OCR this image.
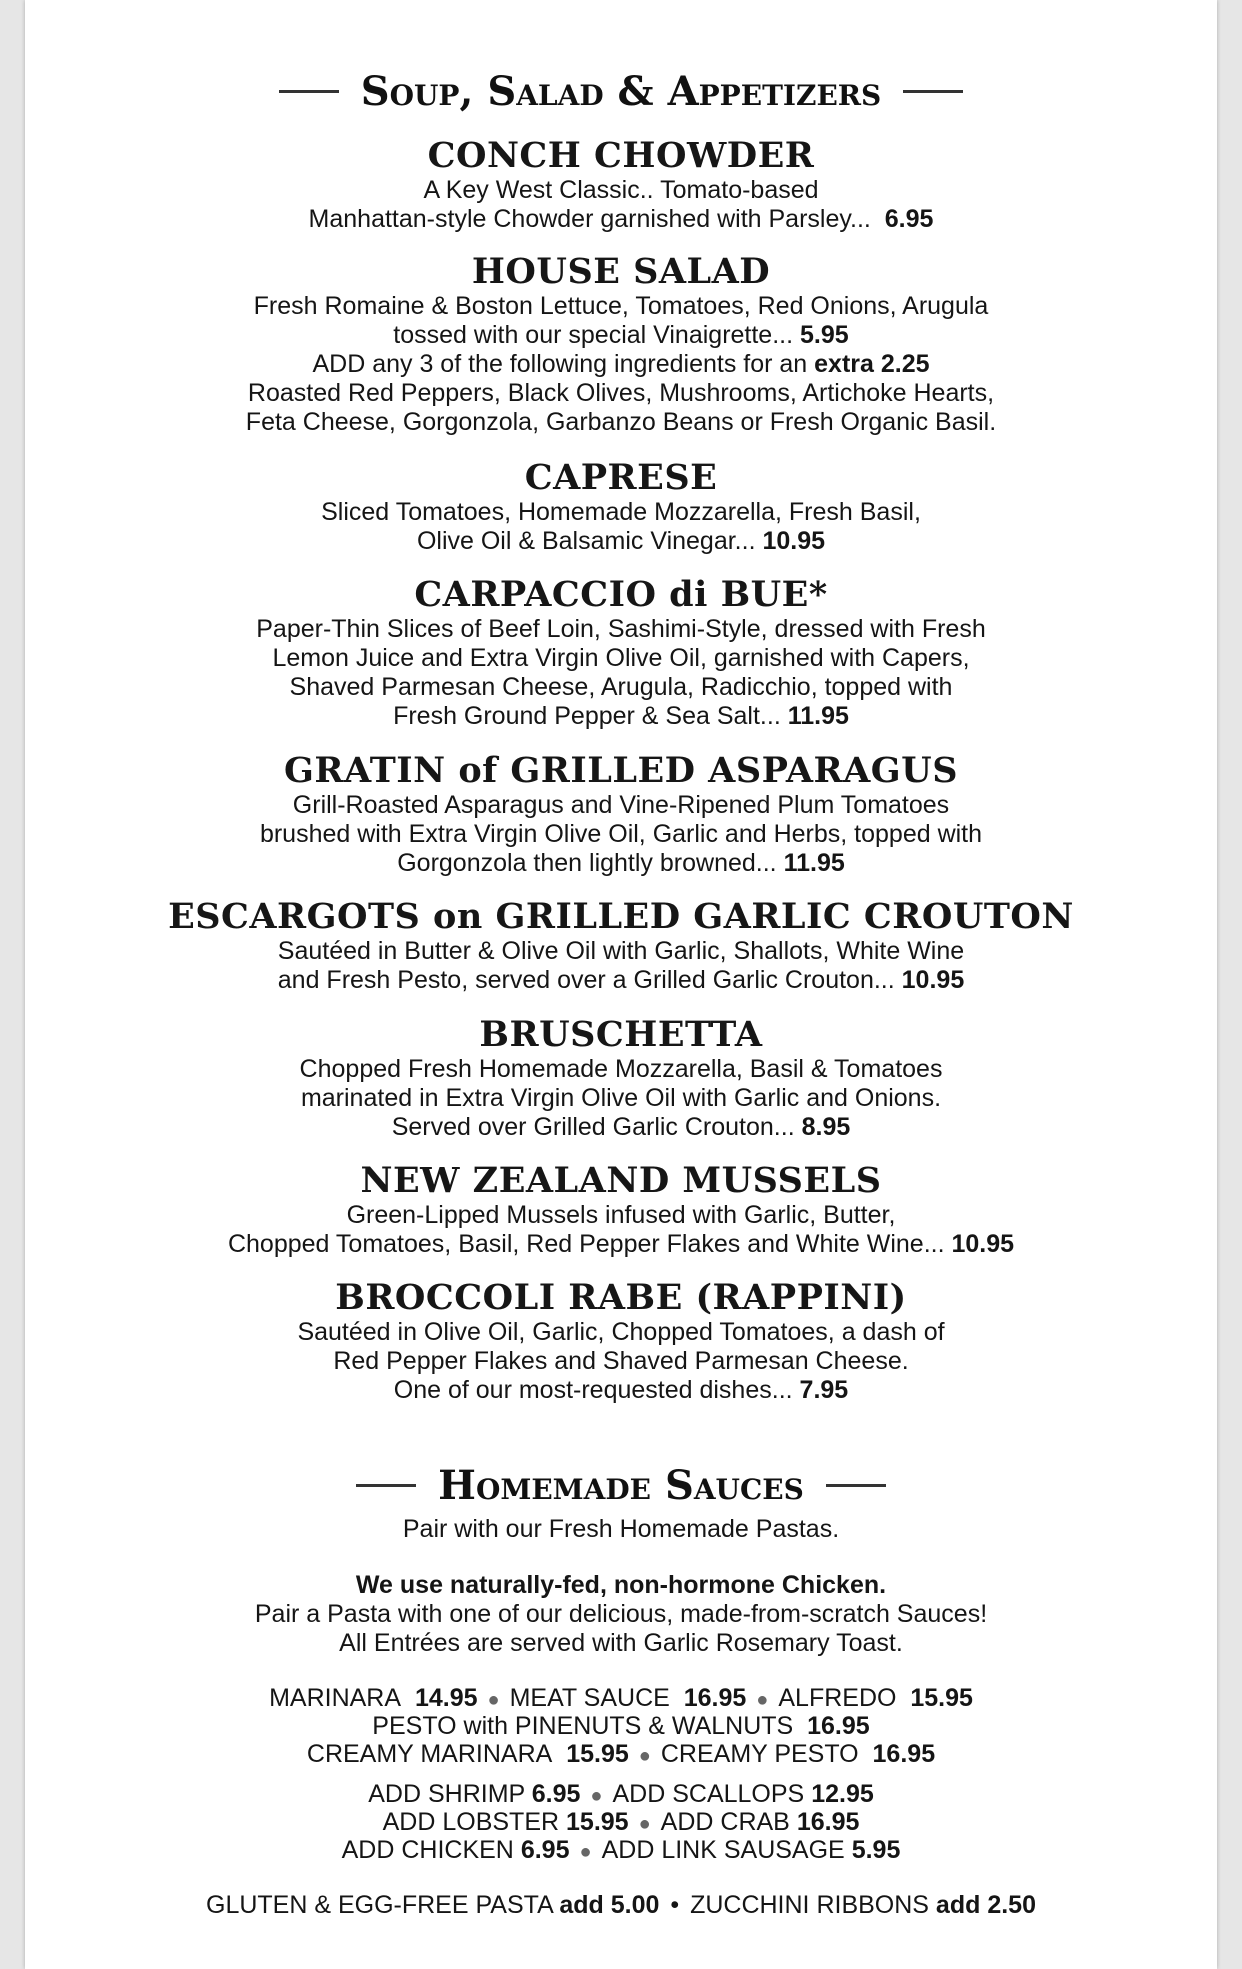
Soup, Salad & Appetizers
CONCH CHOWDER
A Key West Classic.. Tomato-based
Manhattan-style Chowder garnished with Parsley... 6.95
HOUSE SALAD
Fresh Romaine & Boston Lettuce, Tomatoes, Red Onions, Arugula
tossed with our special Vinaigrette... 5.95
ADD any 3 of the following ingredients for an extra 2.25
Roasted Red Peppers, Black Olives, Mushrooms, Artichoke Hearts,
Feta Cheese, Gorgonzola, Garbanzo Beans or Fresh Organic Basil.
CAPRESE
Sliced Tomatoes, Homemade Mozzarella, Fresh Basil,
Olive Oil & Balsamic Vinegar... 10.95
CARPACCIO di BUE*
Paper-Thin Slices of Beef Loin, Sashimi-Style, dressed with Fresh
Lemon Juice and Extra Virgin Olive Oil, garnished with Capers,
Shaved Parmesan Cheese, Arugula, Radicchio, topped with
Fresh Ground Pepper & Sea Salt... 11.95
GRATIN of GRILLED ASPARAGUS
Grill-Roasted Asparagus and Vine-Ripened Plum Tomatoes
brushed with Extra Virgin Olive Oil, Garlic and Herbs, topped with
Gorgonzola then lightly browned... 11.95
ESCARGOTS on GRILLED GARLIC CROUTON
Sautéed in Butter & Olive Oil with Garlic, Shallots, White Wine
and Fresh Pesto, served over a Grilled Garlic Crouton... 10.95
BRUSCHETTA
Chopped Fresh Homemade Mozzarella, Basil & Tomatoes
marinated in Extra Virgin Olive Oil with Garlic and Onions.
Served over Grilled Garlic Crouton... 8.95
NEW ZEALAND MUSSELS
Green-Lipped Mussels infused with Garlic, Butter,
Chopped Tomatoes, Basil, Red Pepper Flakes and White Wine... 10.95
BROCCOLI RABE (RAPPINI)
Sautéed in Olive Oil, Garlic, Chopped Tomatoes, a dash of
Red Pepper Flakes and Shaved Parmesan Cheese.
One of our most-requested dishes... 7.95
Homemade Sauces
Pair with our Fresh Homemade Pastas.
We use naturally-fed, non-hormone Chicken.
Pair a Pasta with one of our delicious, made-from-scratch Sauces!
All Entrées are served with Garlic Rosemary Toast.
MARINARA 14.95 ● MEAT SAUCE 16.95 ● ALFREDO 15.95
PESTO with PINENUTS & WALNUTS 16.95
CREAMY MARINARA 15.95 ● CREAMY PESTO 16.95
ADD SHRIMP 6.95 ● ADD SCALLOPS 12.95
ADD LOBSTER 15.95 ● ADD CRAB 16.95
ADD CHICKEN 6.95 ● ADD LINK SAUSAGE 5.95
GLUTEN & EGG-FREE PASTA add 5.00 • ZUCCHINI RIBBONS add 2.50
